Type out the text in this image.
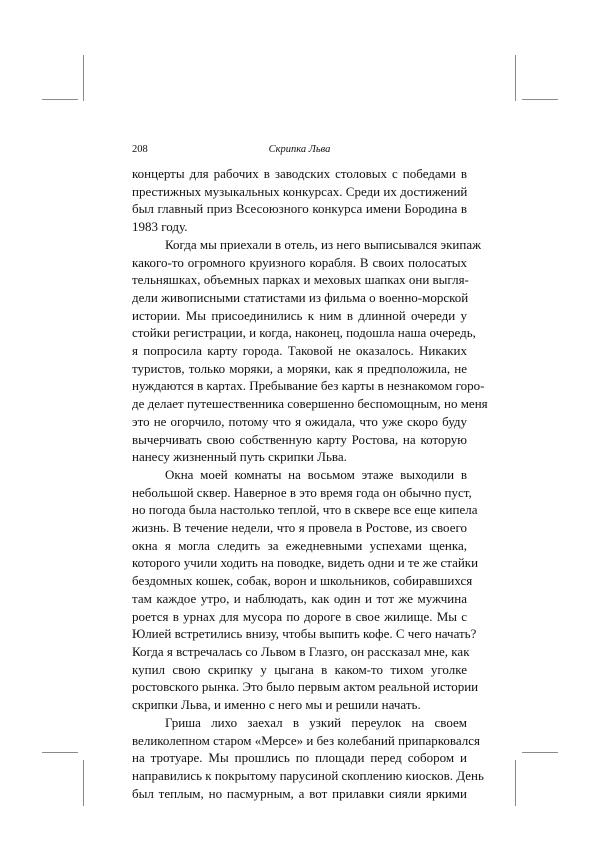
208	Скрипка Льва
концерты для рабочих в заводских столовых с победами в
престижных музыкальных конкурсах. Среди их достижений
был главный приз Всесоюзного конкурса имени Бородина в
1983 году.
Когда мы приехали в отель, из него выписывался экипаж
какого-то огромного круизного корабля. В своих полосатых
тельняшках, объемных парках и меховых шапках они выгля-
дели живописными статистами из фильма о военно-морской
истории. Мы присоединились к ним в длинной очереди у
стойки регистрации, и когда, наконец, подошла наша очередь,
я попросила карту города. Таковой не оказалось. Никаких
туристов, только моряки, а моряки, как я предположила, не
нуждаются в картах. Пребывание без карты в незнакомом горо-
де делает путешественника совершенно беспомощным, но меня
это не огорчило, потому что я ожидала, что уже скоро буду
вычерчивать свою собственную карту Ростова, на которую
нанесу жизненный путь скрипки Льва.
Окна моей комнаты на восьмом этаже выходили в
небольшой сквер. Наверное в это время года он обычно пуст,
но погода была настолько теплой, что в сквере все еще кипела
жизнь. В течение недели, что я провела в Ростове, из своего
окна я могла следить за ежедневными успехами щенка,
которого учили ходить на поводке, видеть одни и те же стайки
бездомных кошек, собак, ворон и школьников, собиравшихся
там каждое утро, и наблюдать, как один и тот же мужчина
роется в урнах для мусора по дороге в свое жилище. Мы с
Юлией встретились внизу, чтобы выпить кофе. С чего начать?
Когда я встречалась со Львом в Глазго, он рассказал мне, как
купил свою скрипку у цыгана в каком-то тихом уголке
ростовского рынка. Это было первым актом реальной истории
скрипки Льва, и именно с него мы и решили начать.
Гриша лихо заехал в узкий переулок на своем
великолепном старом «Мерсе» и без колебаний припарковался
на тротуаре. Мы прошлись по площади перед собором и
направились к покрытому парусиной скоплению киосков. День
был теплым, но пасмурным, а вот прилавки сияли яркими
